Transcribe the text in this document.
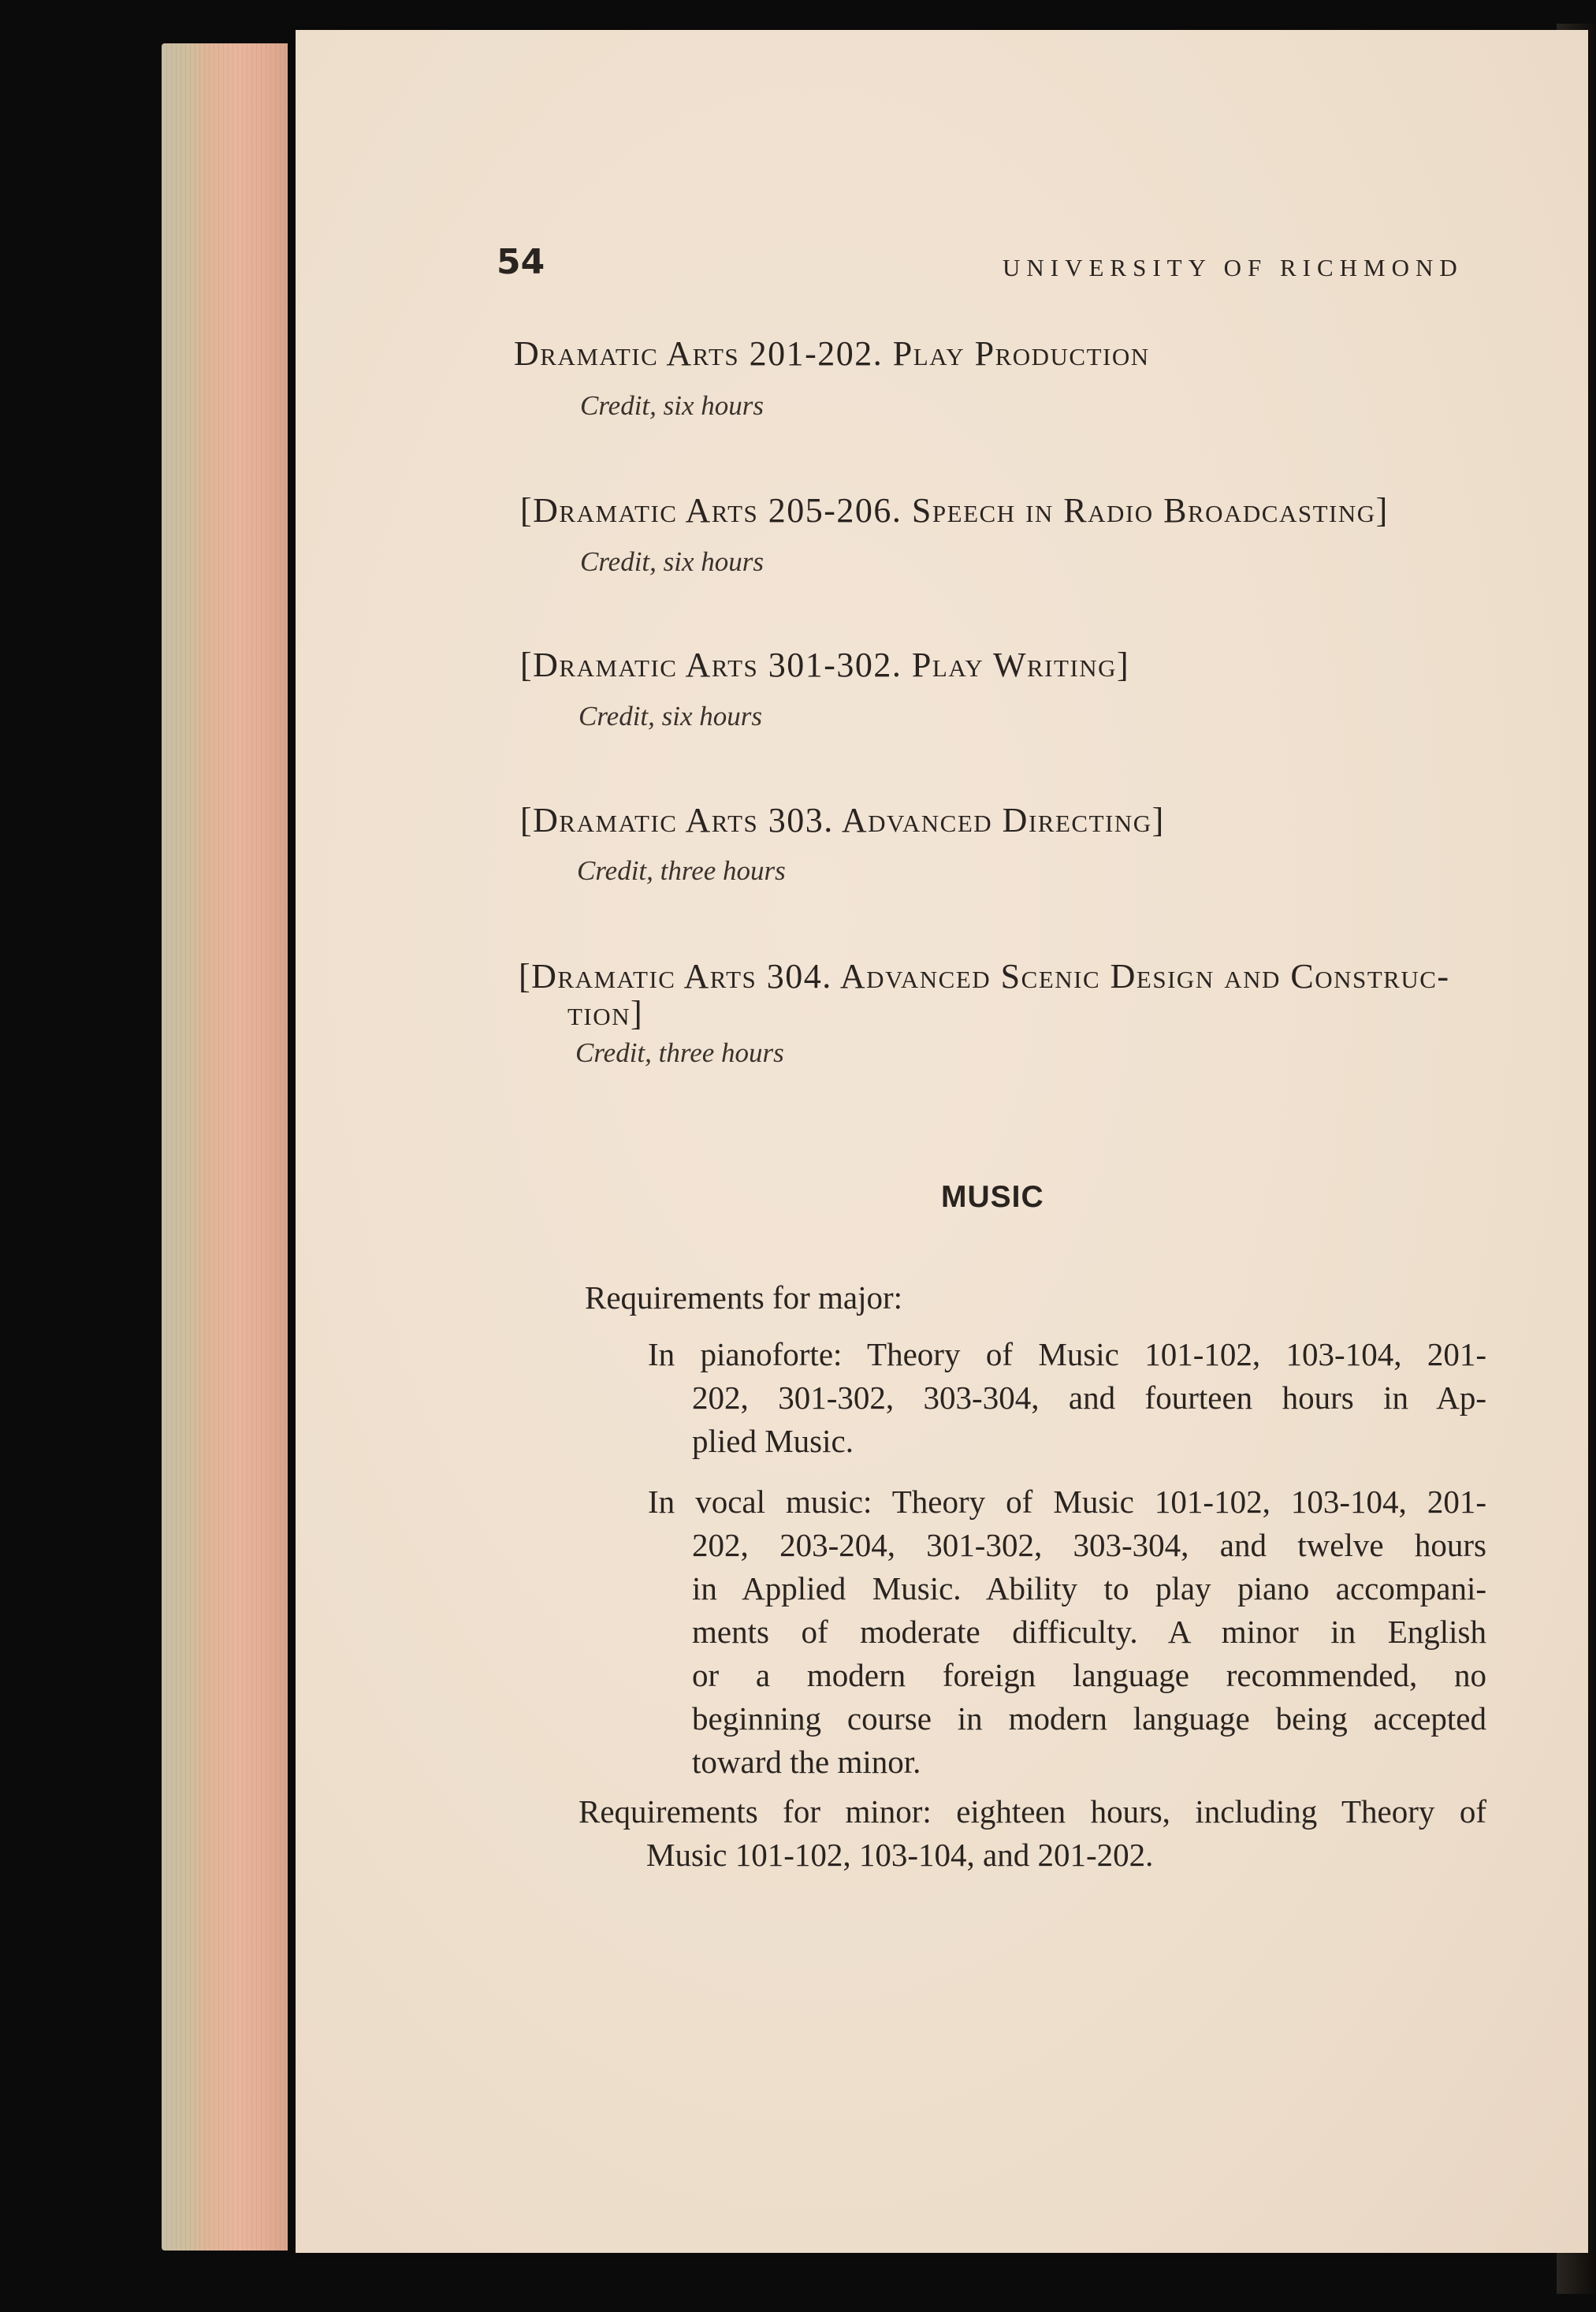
54	UNIVERSITY OF RICHMOND
Dramatic Arts 201-202. Play Production
Credit, six hours
[Dramatic Arts 205-206. Speech in Radio Broadcasting]
Credit, six hours
[Dramatic Arts 301-302. Play Writing]
Credit, six hours
[Dramatic Arts 303. Advanced Directing]
Credit, three hours
[Dramatic Arts 304. Advanced Scenic Design and Construc-
tion]
Credit, three hours
MUSIC
Requirements for major:
In pianoforte: Theory of Music 101-102, 103-104, 201-
202, 301-302, 303-304, and fourteen hours in Ap-
plied Music.
In vocal music: Theory of Music 101-102, 103-104, 201-
202, 203-204, 301-302, 303-304, and twelve hours
in Applied Music. Ability to play piano accompani-
ments of moderate difficulty. A minor in English
or a modern foreign language recommended, no
beginning course in modern language being accepted
toward the minor.
Requirements for minor: eighteen hours, including Theory of
Music 101-102, 103-104, and 201-202.
